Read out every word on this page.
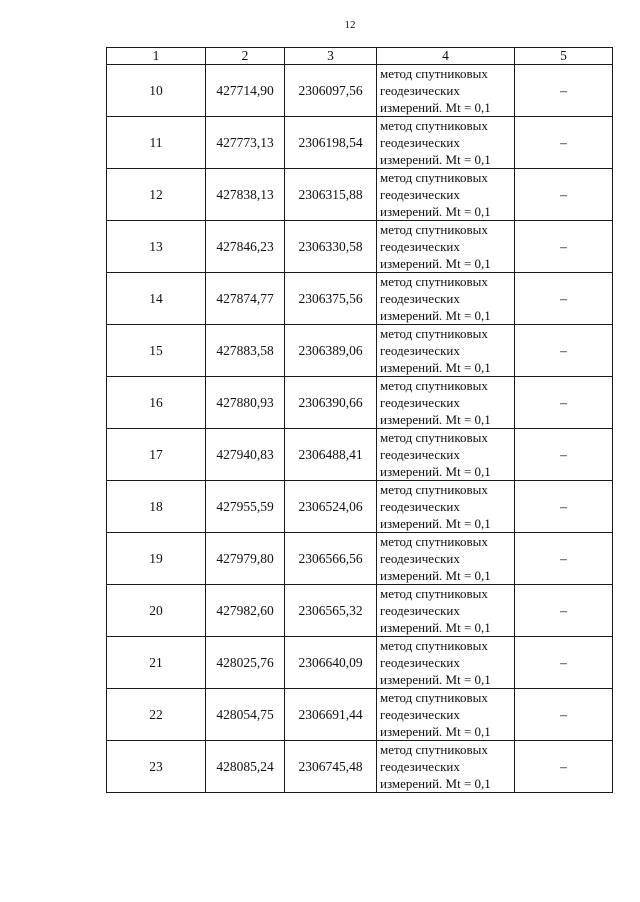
12
1	2	3	4	5
10	427714,90	2306097,56	метод спутниковых
геодезических
измерений. Mt = 0,1	–
11	427773,13	2306198,54	метод спутниковых
геодезических
измерений. Mt = 0,1	–
12	427838,13	2306315,88	метод спутниковых
геодезических
измерений. Mt = 0,1	–
13	427846,23	2306330,58	метод спутниковых
геодезических
измерений. Mt = 0,1	–
14	427874,77	2306375,56	метод спутниковых
геодезических
измерений. Mt = 0,1	–
15	427883,58	2306389,06	метод спутниковых
геодезических
измерений. Mt = 0,1	–
16	427880,93	2306390,66	метод спутниковых
геодезических
измерений. Mt = 0,1	–
17	427940,83	2306488,41	метод спутниковых
геодезических
измерений. Mt = 0,1	–
18	427955,59	2306524,06	метод спутниковых
геодезических
измерений. Mt = 0,1	–
19	427979,80	2306566,56	метод спутниковых
геодезических
измерений. Mt = 0,1	–
20	427982,60	2306565,32	метод спутниковых
геодезических
измерений. Mt = 0,1	–
21	428025,76	2306640,09	метод спутниковых
геодезических
измерений. Mt = 0,1	–
22	428054,75	2306691,44	метод спутниковых
геодезических
измерений. Mt = 0,1	–
23	428085,24	2306745,48	метод спутниковых
геодезических
измерений. Mt = 0,1	–
